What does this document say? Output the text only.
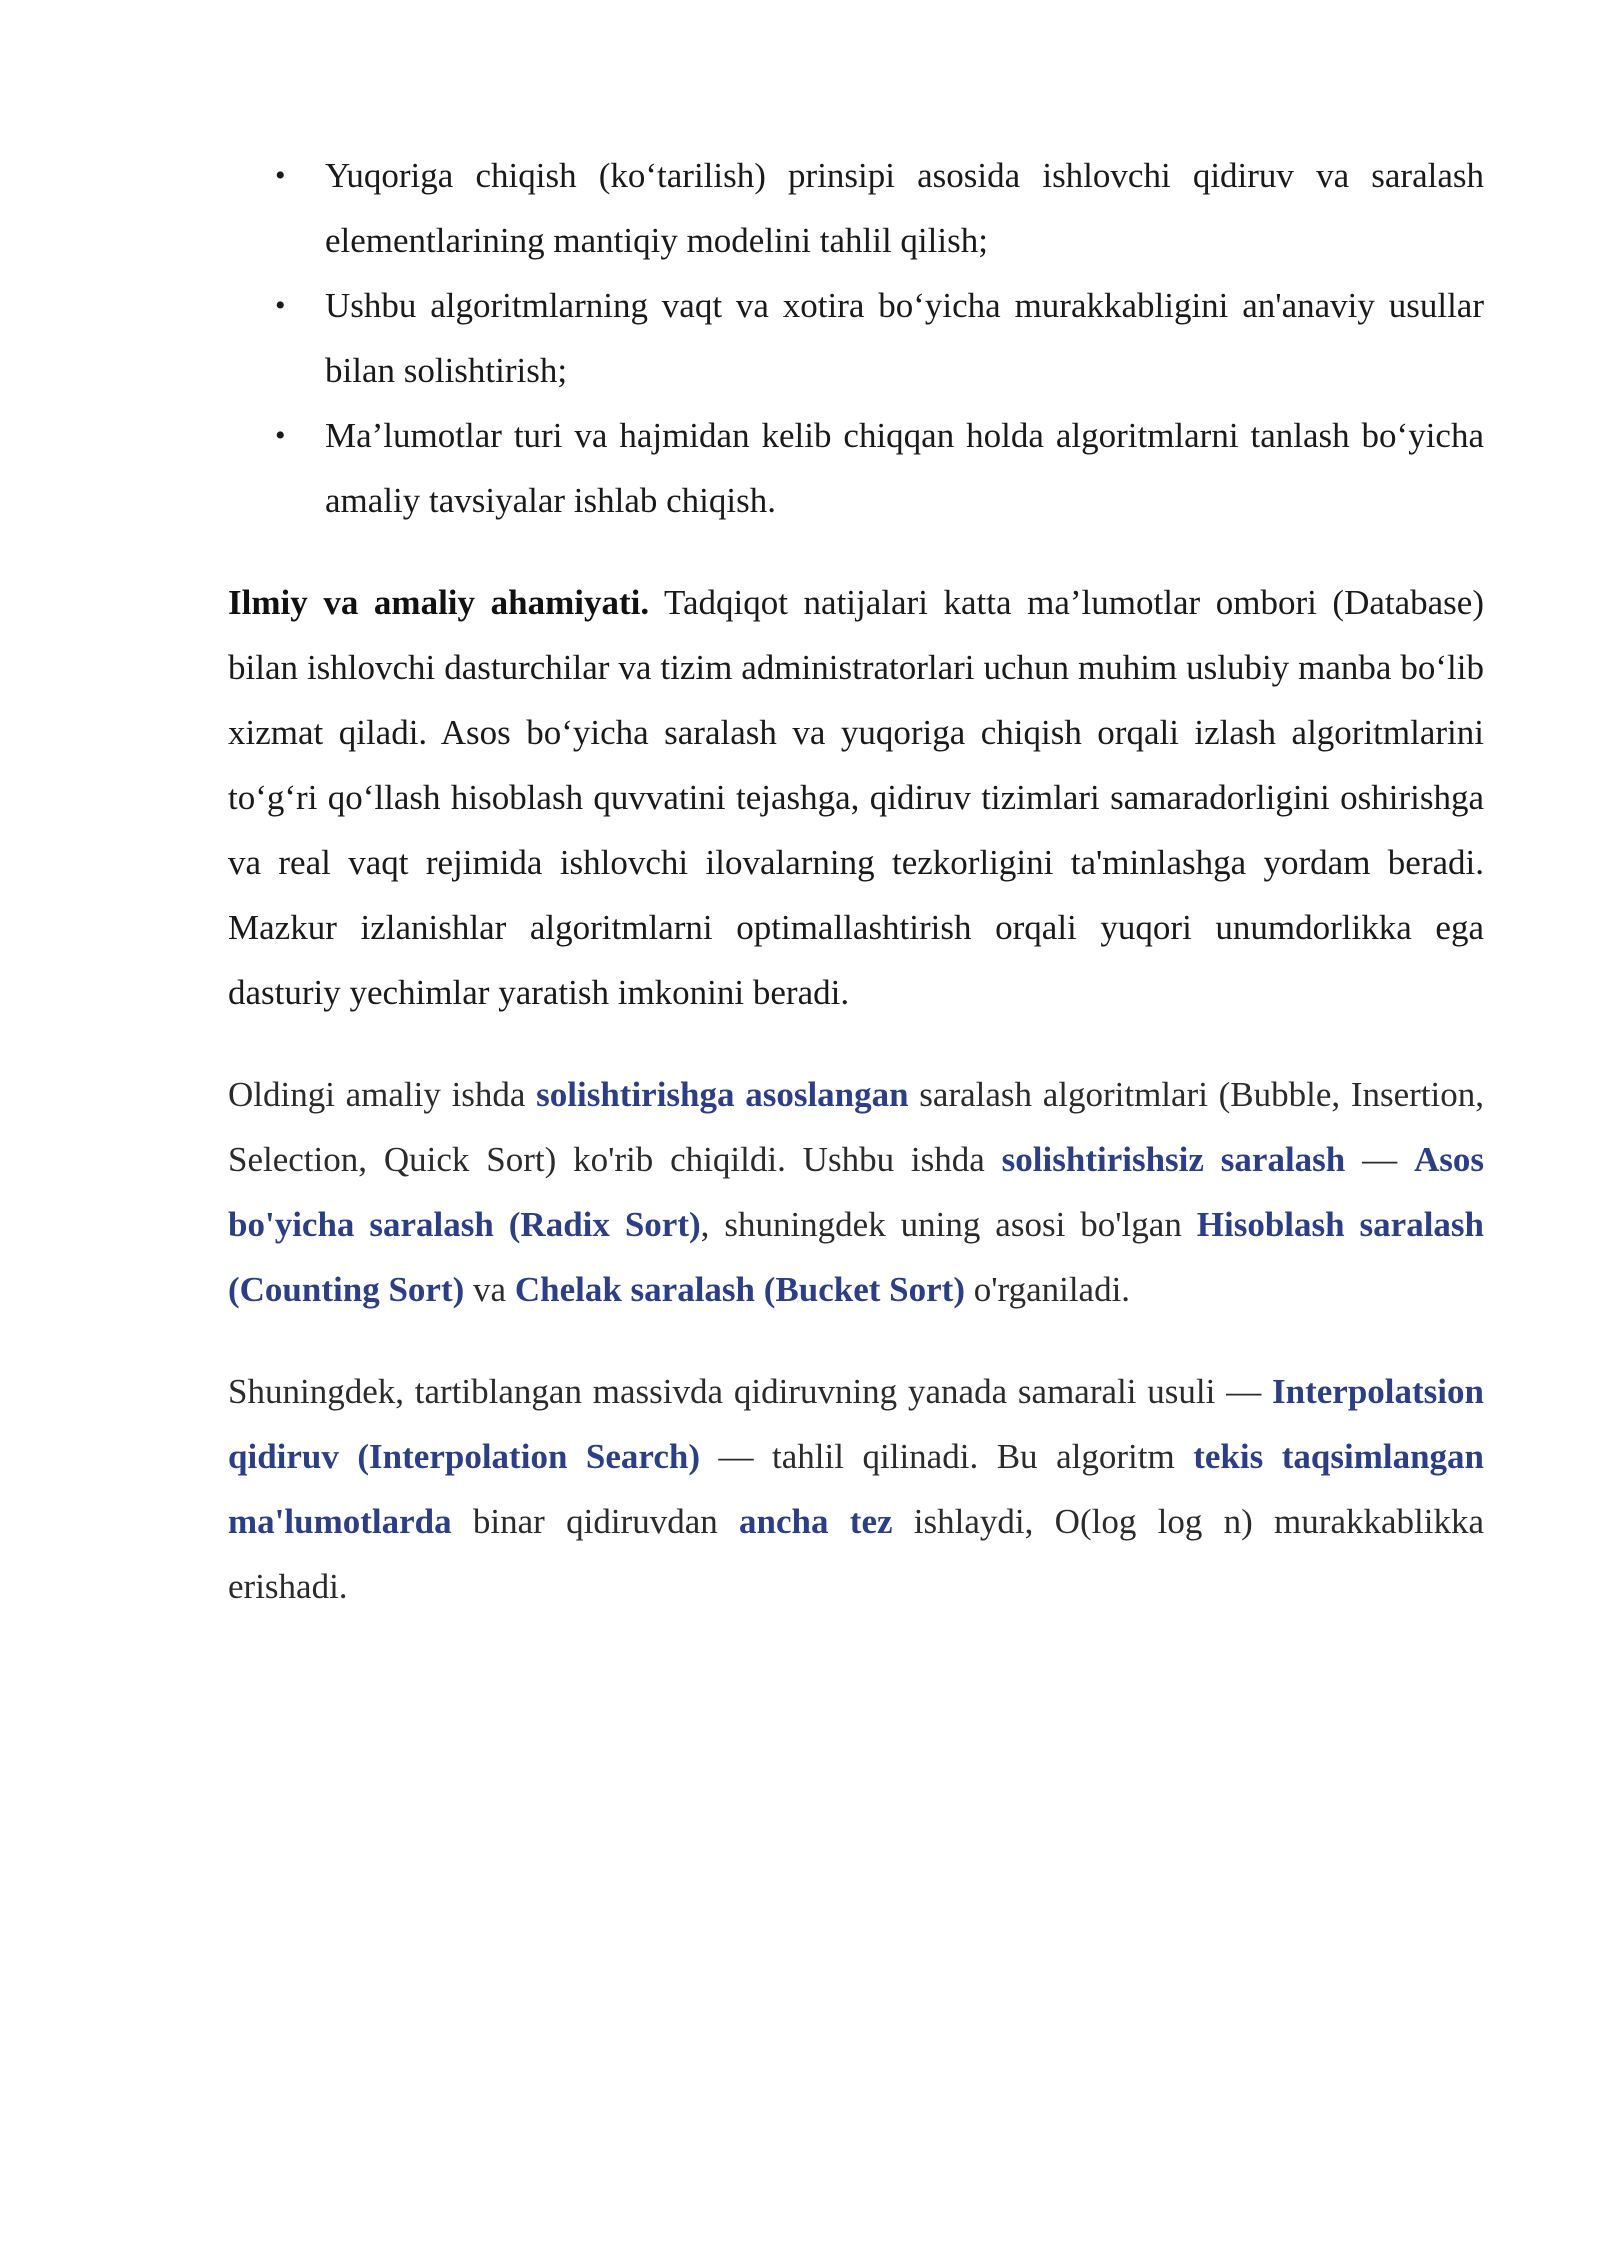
• Yuqoriga chiqish (ko‘tarilish) prinsipi asosida ishlovchi qidiruv va saralash elementlarining mantiqiy modelini tahlil qilish;
• Ushbu algoritmlarning vaqt va xotira bo‘yicha murakkabligini an'anaviy usullar bilan solishtirish;
• Ma’lumotlar turi va hajmidan kelib chiqqan holda algoritmlarni tanlash bo‘yicha amaliy tavsiyalar ishlab chiqish.

Ilmiy va amaliy ahamiyati. Tadqiqot natijalari katta ma’lumotlar ombori (Database) bilan ishlovchi dasturchilar va tizim administratorlari uchun muhim uslubiy manba bo‘lib xizmat qiladi. Asos bo‘yicha saralash va yuqoriga chiqish orqali izlash algoritmlarini to‘g‘ri qo‘llash hisoblash quvvatini tejashga, qidiruv tizimlari samaradorligini oshirishga va real vaqt rejimida ishlovchi ilovalarning tezkorligini ta'minlashga yordam beradi. Mazkur izlanishlar algoritmlarni optimallashtirish orqali yuqori unumdorlikka ega dasturiy yechimlar yaratish imkonini beradi.

Oldingi amaliy ishda solishtirishga asoslangan saralash algoritmlari (Bubble, Insertion, Selection, Quick Sort) ko'rib chiqildi. Ushbu ishda solishtirishsiz saralash — Asos bo'yicha saralash (Radix Sort), shuningdek uning asosi bo'lgan Hisoblash saralash (Counting Sort) va Chelak saralash (Bucket Sort) o'rganiladi.

Shuningdek, tartiblangan massivda qidiruvning yanada samarali usuli — Interpolatsion qidiruv (Interpolation Search) — tahlil qilinadi. Bu algoritm tekis taqsimlangan ma'lumotlarda binar qidiruvdan ancha tez ishlaydi, O(log log n) murakkablikka erishadi.
